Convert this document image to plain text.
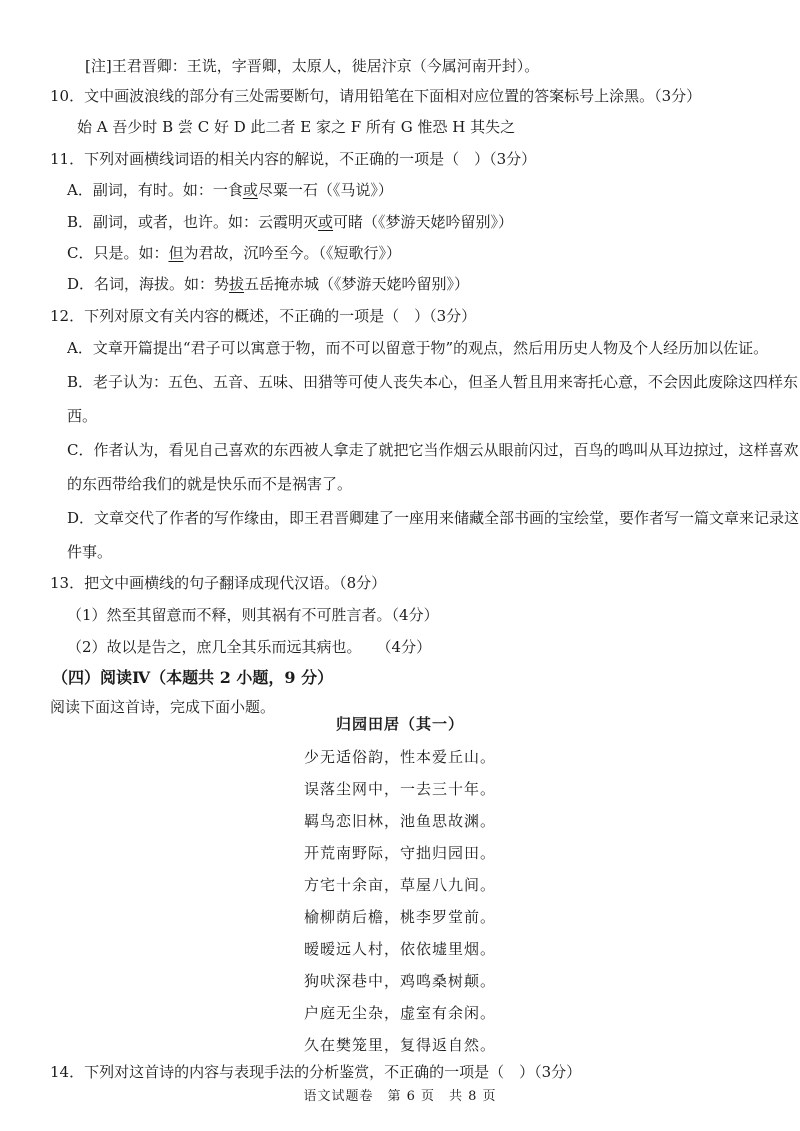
[注]王君晋卿：王诜，字晋卿，太原人，徙居汴京（今属河南开封）。
10．文中画波浪线的部分有三处需要断句，请用铅笔在下面相对应位置的答案标号上涂黑。（3分）
始 A 吾少时 B 尝 C 好 D 此二者 E 家之 F 所有 G 惟恐 H 其失之
11．下列对画横线词语的相关内容的解说，不正确的一项是（　）（3分）
A．副词，有时。如：一食或尽粟一石（《马说》）
B．副词，或者，也许。如：云霞明灭或可睹（《梦游天姥吟留别》）
C．只是。如：但为君故，沉吟至今。（《短歌行》）
D．名词，海拔。如：势拔五岳掩赤城（《梦游天姥吟留别》）
12．下列对原文有关内容的概述，不正确的一项是（　）（3分）
A．文章开篇提出“君子可以寓意于物，而不可以留意于物”的观点，然后用历史人物及个人经历加以佐证。
B．老子认为：五色、五音、五味、田猎等可使人丧失本心，但圣人暂且用来寄托心意，不会因此废除这四样东
西。
C．作者认为，看见自己喜欢的东西被人拿走了就把它当作烟云从眼前闪过，百鸟的鸣叫从耳边掠过，这样喜欢
的东西带给我们的就是快乐而不是祸害了。
D．文章交代了作者的写作缘由，即王君晋卿建了一座用来储藏全部书画的宝绘堂，要作者写一篇文章来记录这
件事。
13．把文中画横线的句子翻译成现代汉语。（8分）
（1）然至其留意而不释，则其祸有不可胜言者。（4分）
（2）故以是告之，庶几全其乐而远其病也。　　（4分）
（四）阅读Ⅳ（本题共 2 小题，9 分）
阅读下面这首诗，完成下面小题。
归园田居（其一）
少无适俗韵，性本爱丘山。
误落尘网中，一去三十年。
羁鸟恋旧林，池鱼思故渊。
开荒南野际，守拙归园田。
方宅十余亩，草屋八九间。
榆柳荫后檐，桃李罗堂前。
暧暧远人村，依依墟里烟。
狗吠深巷中，鸡鸣桑树颠。
户庭无尘杂，虚室有余闲。
久在樊笼里，复得返自然。
14．下列对这首诗的内容与表现手法的分析鉴赏，不正确的一项是（　）（3分）
语文试题卷　第 6 页　共 8 页
